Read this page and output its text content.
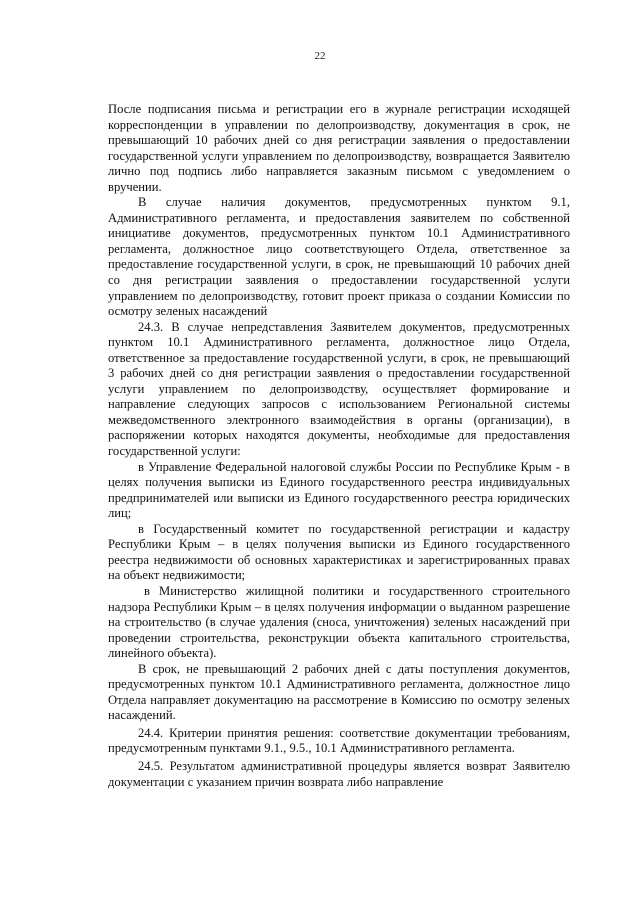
22

После подписания письма и регистрации его в журнале регистрации исходящей корреспонденции в управлении по делопроизводству, документация в срок, не превышающий 10 рабочих дней со дня регистрации заявления о предоставлении государственной услуги управлением по делопроизводству, возвращается Заявителю лично под подпись либо направляется заказным письмом с уведомлением о вручении.

В случае наличия документов, предусмотренных пунктом 9.1, Административного регламента, и предоставления заявителем по собственной инициативе документов, предусмотренных пунктом 10.1 Административного регламента, должностное лицо соответствующего Отдела, ответственное за предоставление государственной услуги, в срок, не превышающий 10 рабочих дней со дня регистрации заявления о предоставлении государственной услуги управлением по делопроизводству, готовит проект приказа о создании Комиссии по осмотру зеленых насаждений

24.3. В случае непредставления Заявителем документов, предусмотренных пунктом 10.1 Административного регламента, должностное лицо Отдела, ответственное за предоставление государственной услуги, в срок, не превышающий 3 рабочих дней со дня регистрации заявления о предоставлении государственной услуги управлением по делопроизводству, осуществляет формирование и направление следующих запросов с использованием Региональной системы межведомственного электронного взаимодействия в органы (организации), в распоряжении которых находятся документы, необходимые для предоставления государственной услуги:

в Управление Федеральной налоговой службы России по Республике Крым - в целях получения выписки из Единого государственного реестра индивидуальных предпринимателей или выписки из Единого государственного реестра юридических лиц;

в Государственный комитет по государственной регистрации и кадастру Республики Крым – в целях получения выписки из Единого государственного реестра недвижимости об основных характеристиках и зарегистрированных правах на объект недвижимости;

в Министерство жилищной политики и государственного строительного надзора Республики Крым – в целях получения информации о выданном разрешение на строительство (в случае удаления (сноса, уничтожения) зеленых насаждений при проведении строительства, реконструкции объекта капитального строительства, линейного объекта).

В срок, не превышающий 2 рабочих дней с даты поступления документов, предусмотренных пунктом 10.1 Административного регламента, должностное лицо Отдела направляет документацию на рассмотрение в Комиссию по осмотру зеленых насаждений.

24.4. Критерии принятия решения: соответствие документации требованиям, предусмотренным пунктами 9.1., 9.5., 10.1 Административного регламента.

24.5. Результатом административной процедуры является возврат Заявителю документации с указанием причин возврата либо направление
